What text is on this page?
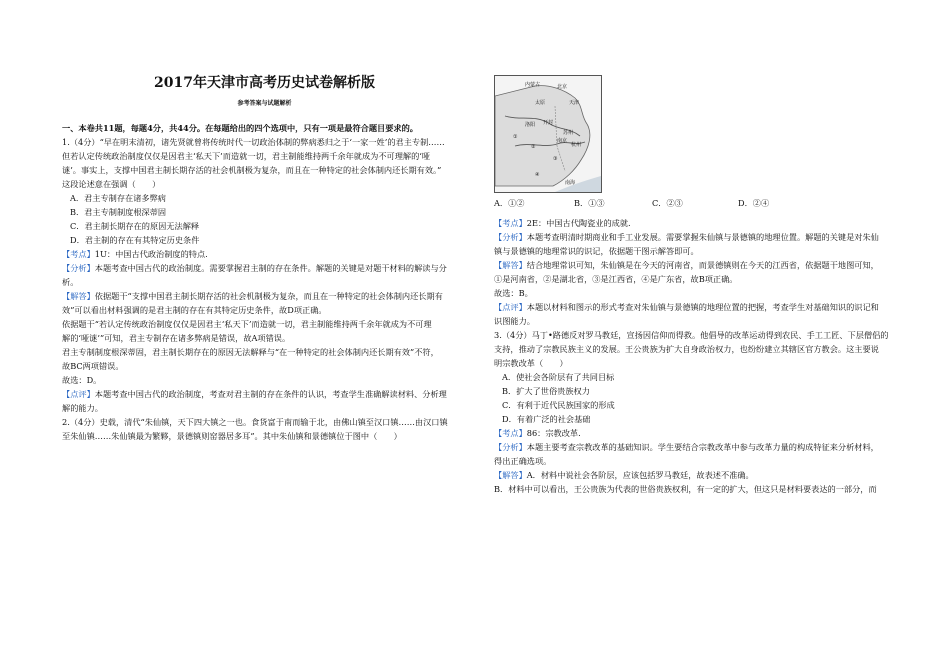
2017年天津市高考历史试卷解析版
参考答案与试题解析

一、本卷共11题，每题4分，共44分。在每题给出的四个选项中，只有一项是最符合题目要求的。

1.（4分）“早在明末清初，诸先贤就曾将传统时代一切政治体制的弊病悉归之于‘一家一姓’的君主专制……

但若认定传统政治制度仅仅是因君主‘私天下’而造就一切，君主制能维持两千余年就成为不可理解的‘哑

谜’。事实上，支撑中国君主制长期存活的社会机制极为复杂，而且在一种特定的社会体制内还长期有效。”

这段论述意在强调（　　）

A．君主专制存在诸多弊病

B．君主专制制度根深蒂固

C．君主制长期存在的原因无法解释

D．君主制的存在有其特定历史条件

【考点】1U：中国古代政治制度的特点.

【分析】本题考查中国古代的政治制度。需要掌握君主制的存在条件。解题的关键是对题干材料的解读与分

析。

【解答】依据题干“支撑中国君主制长期存活的社会机制极为复杂，而且在一种特定的社会体制内还长期有

效”可以看出材料强调的是君主制的存在有其特定历史条件，故D项正确。

依据题干“若认定传统政治制度仅仅是因君主‘私天下’而造就一切，君主制能维持两千余年就成为不可理

解的‘哑谜’”可知，君主专制存在诸多弊病是错误，故A项错误。

君主专制制度根深蒂固，君主制长期存在的原因无法解释与“在一种特定的社会体制内还长期有效”不符，

故BC两项错误。

故选：D。

【点评】本题考查中国古代的政治制度，考查对君主制的存在条件的认识，考查学生准确解读材料、分析理

解的能力。

2.（4分）史载，清代“朱仙镇，天下四大镇之一也。食货富于南而输于北，由佛山镇至汉口镇……由汉口镇

至朱仙镇……朱仙镇最为繁夥，景德镇则窑器居多耳”。其中朱仙镇和景德镇位于图中（　　）

内蒙古	北京
太原	天津
洛阳 开封
苏州
杭州
南京
南海
①
②
③
④
A．①②	B．①③	C．②③	D．②④

【考点】2E：中国古代陶瓷业的成就.

【分析】本题考查明清时期商业和手工业发展。需要掌握朱仙镇与景德镇的地理位置。解题的关键是对朱仙

镇与景德镇的地理常识的识记，依据题干图示解答即可。

【解答】结合地理常识可知，朱仙镇是在今天的河南省，而景德镇则在今天的江西省，依据题干地图可知，

①是河南省，②是湖北省，③是江西省，④是广东省，故B项正确。

故选：B。

【点评】本题以材料和图示的形式考查对朱仙镇与景德镇的地理位置的把握，考查学生对基础知识的识记和

识图能力。

3.（4分）马丁•路德反对罗马教廷，宣扬因信仰而得救。他倡导的改革运动得到农民、手工工匠、下层僧侣的

支持，推动了宗教民族主义的发展。王公贵族为扩大自身政治权力，也纷纷建立其辖区官方教会。这主要说

明宗教改革（　　）

A．使社会各阶层有了共同目标

B．扩大了世俗贵族权力

C．有利于近代民族国家的形成

D．有着广泛的社会基础

【考点】86：宗教改革.

【分析】本题主要考查宗教改革的基础知识。学生要结合宗教改革中参与改革力量的构成特征来分析材料，

得出正确选项。

【解答】A．材料中说社会各阶层，应该包括罗马教廷，故表述不准确。

B．材料中可以看出，王公贵族为代表的世俗贵族权利，有一定的扩大，但这只是材料要表达的一部分，而
